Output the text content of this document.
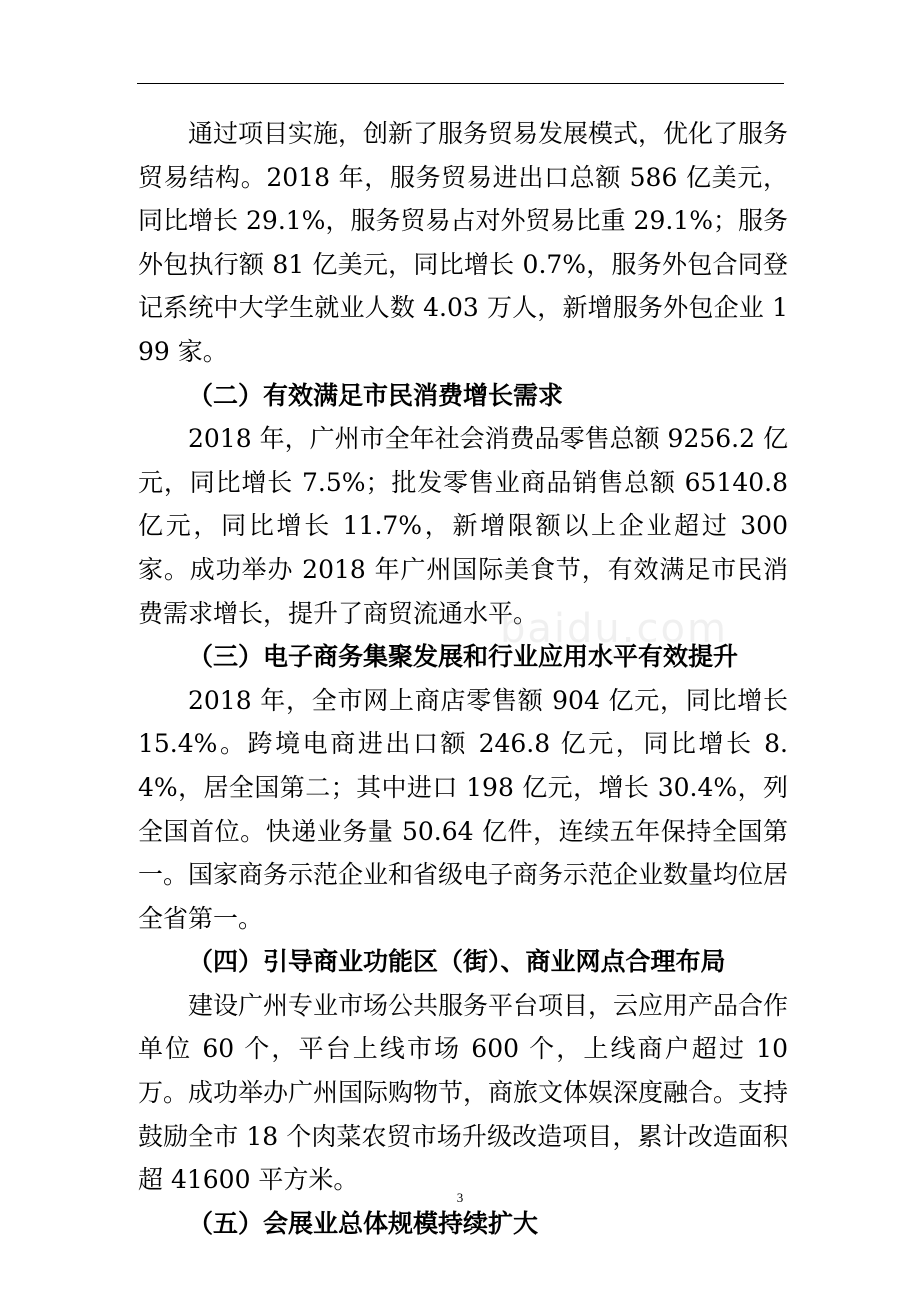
通过项目实施，创新了服务贸易发展模式，优化了服务贸易结构。2018 年，服务贸易进出口总额 586 亿美元，同比增长 29.1%，服务贸易占对外贸易比重 29.1%；服务外包执行额 81 亿美元，同比增长 0.7%，服务外包合同登记系统中大学生就业人数 4.03 万人，新增服务外包企业 199 家。

（二）有效满足市民消费增长需求

2018 年，广州市全年社会消费品零售总额 9256.2 亿元，同比增长 7.5%；批发零售业商品销售总额 65140.8 亿元，同比增长 11.7%，新增限额以上企业超过 300 家。成功举办 2018 年广州国际美食节，有效满足市民消费需求增长，提升了商贸流通水平。

（三）电子商务集聚发展和行业应用水平有效提升

2018 年，全市网上商店零售额 904 亿元，同比增长 15.4%。跨境电商进出口额 246.8 亿元，同比增长 8.4%，居全国第二；其中进口 198 亿元，增长 30.4%，列全国首位。快递业务量 50.64 亿件，连续五年保持全国第一。国家商务示范企业和省级电子商务示范企业数量均位居全省第一。

（四）引导商业功能区（街）、商业网点合理布局

建设广州专业市场公共服务平台项目，云应用产品合作单位 60 个，平台上线市场 600 个，上线商户超过 10 万。成功举办广州国际购物节，商旅文体娱深度融合。支持鼓励全市 18 个肉菜农贸市场升级改造项目，累计改造面积超 41600 平方米。

（五）会展业总体规模持续扩大

baidu.com
3
